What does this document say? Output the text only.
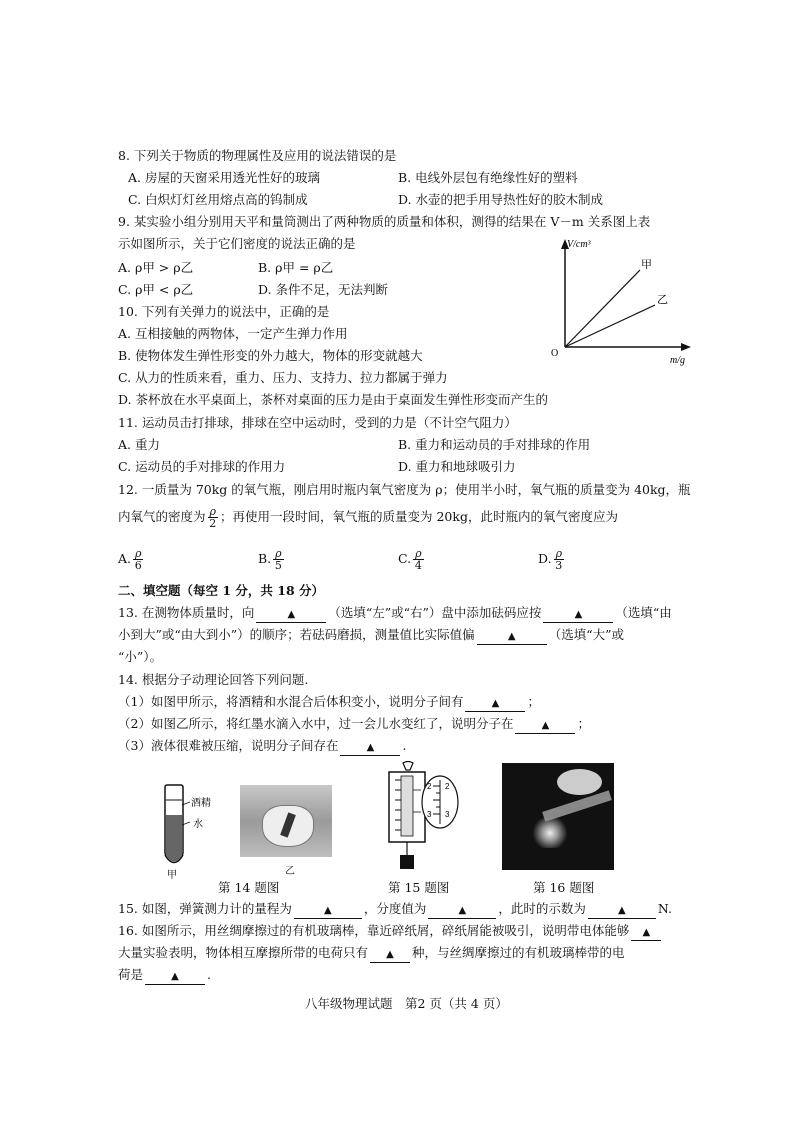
8. 下列关于物质的物理属性及应用的说法错误的是
A. 房屋的天窗采用透光性好的玻璃	B. 电线外层包有绝缘性好的塑料
C. 白炽灯灯丝用熔点高的钨制成	D. 水壶的把手用导热性好的胶木制成
9. 某实验小组分别用天平和量筒测出了两种物质的质量和体积，测得的结果在 V－m 关系图上表
示如图所示，关于它们密度的说法正确的是
A. ρ甲 > ρ乙	B. ρ甲 = ρ乙
C. ρ甲 < ρ乙	D. 条件不足，无法判断
V/cm³
m/g
O
甲
乙
10. 下列有关弹力的说法中，正确的是
A. 互相接触的两物体，一定产生弹力作用
B. 使物体发生弹性形变的外力越大，物体的形变就越大
C. 从力的性质来看，重力、压力、支持力、拉力都属于弹力
D. 茶杯放在水平桌面上，茶杯对桌面的压力是由于桌面发生弹性形变而产生的
11. 运动员击打排球，排球在空中运动时，受到的力是（不计空气阻力）
A. 重力	B. 重力和运动员的手对排球的作用
C. 运动员的手对排球的作用力	D. 重力和地球吸引力
12. 一质量为 70kg 的氧气瓶，刚启用时瓶内氧气密度为 ρ；使用半小时，氧气瓶的质量变为 40kg，瓶
内氧气的密度为 $\frac{\rho}{2}$ ；再使用一段时间，氧气瓶的质量变为 20kg，此时瓶内的氧气密度应为
A. $\frac{\rho}{6}$	B. $\frac{\rho}{5}$	C. $\frac{\rho}{4}$	D. $\frac{\rho}{3}$
二、填空题（每空 1 分，共 18 分）
13. 在测物体质量时，向	▲	（选填“左”或“右”）盘中添加砝码应按	▲	（选填“由
小到大”或“由大到小”）的顺序；若砝码磨损，测量值比实际值偏	▲	（选填“大”或
“小”）。
14. 根据分子动理论回答下列问题.
（1）如图甲所示，将酒精和水混合后体积变小，说明分子间有	▲ ；
（2）如图乙所示，将红墨水滴入水中，过一会儿水变红了，说明分子在	▲ ；
（3）液体很难被压缩，说明分子间存在	▲ .
酒精
水
甲	乙
2
3
2
3
第 14 题图	第 15 题图	第 16 题图
15. 如图，弹簧测力计的量程为	▲	，分度值为	▲	，此时的示数为	▲	N.
16. 如图所示，用丝绸摩擦过的有机玻璃棒，靠近碎纸屑，碎纸屑能被吸引，说明带电体能够 ▲
大量实验表明，物体相互摩擦所带的电荷只有 ▲ 种，与丝绸摩擦过的有机玻璃棒带的电
荷是	▲ .
八年级物理试题　第2 页（共 4 页）
